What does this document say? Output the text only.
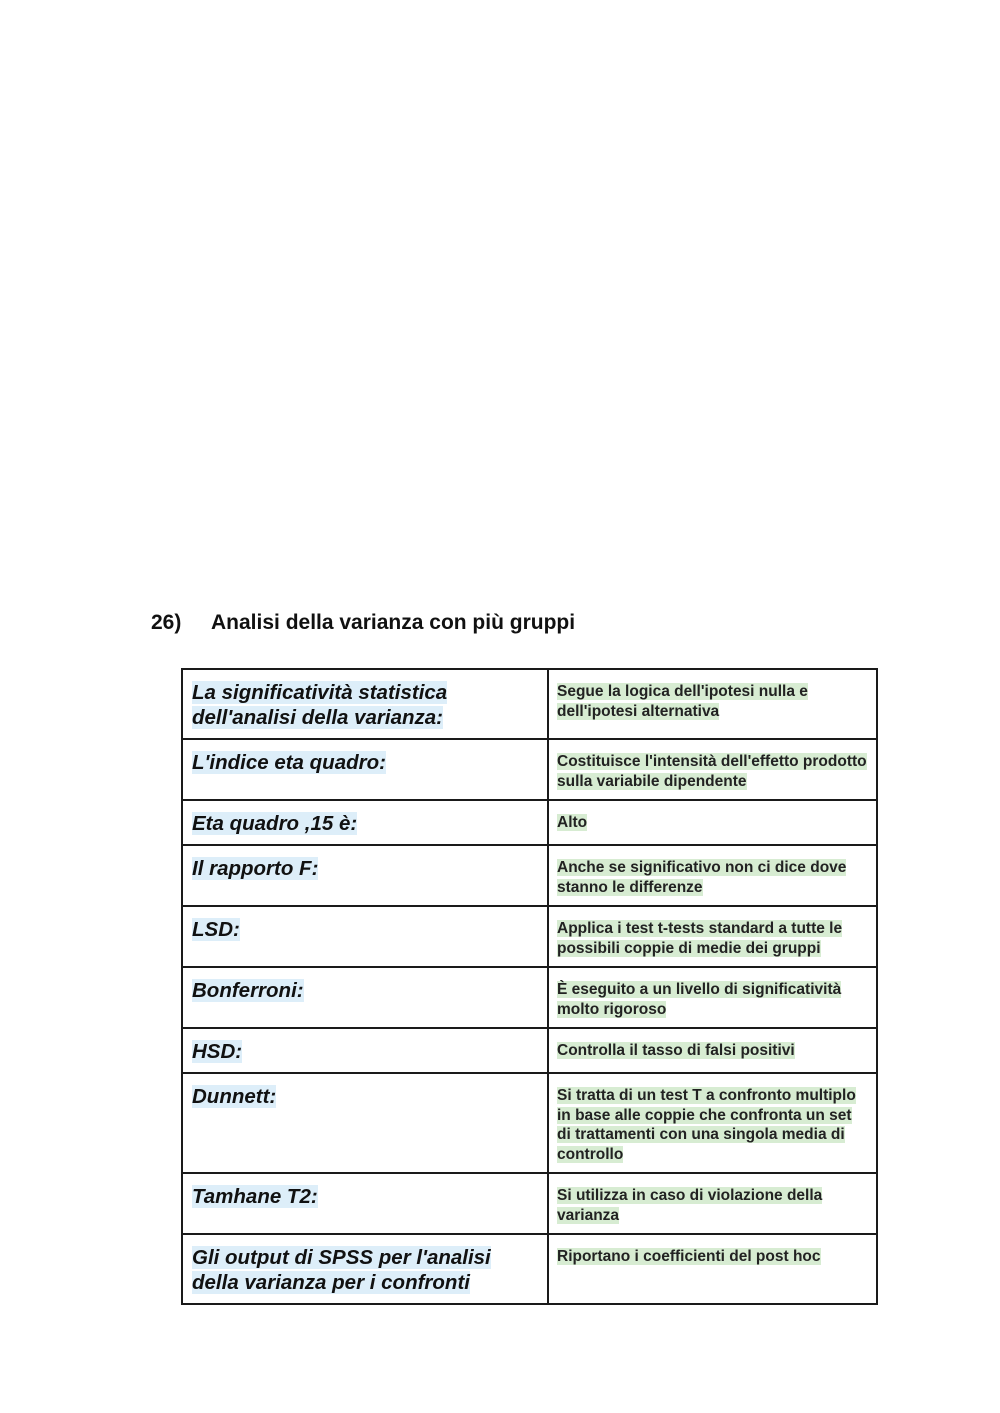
26) Analisi della varianza con più gruppi
La significatività statistica dell'analisi della varianza:	Segue la logica dell'ipotesi nulla e dell'ipotesi alternativa
L'indice eta quadro:	Costituisce l'intensità dell'effetto prodotto sulla variabile dipendente
Eta quadro ,15 è:	Alto
Il rapporto F:	Anche se significativo non ci dice dove stanno le differenze
LSD:	Applica i test t-tests standard a tutte le possibili coppie di medie dei gruppi
Bonferroni:	È eseguito a un livello di significatività molto rigoroso
HSD:	Controlla il tasso di falsi positivi
Dunnett:	Si tratta di un test T a confronto multiplo in base alle coppie che confronta un set di trattamenti con una singola media di controllo
Tamhane T2:	Si utilizza in caso di violazione della varianza
Gli output di SPSS per l'analisi della varianza per i confronti	Riportano i coefficienti del post hoc
